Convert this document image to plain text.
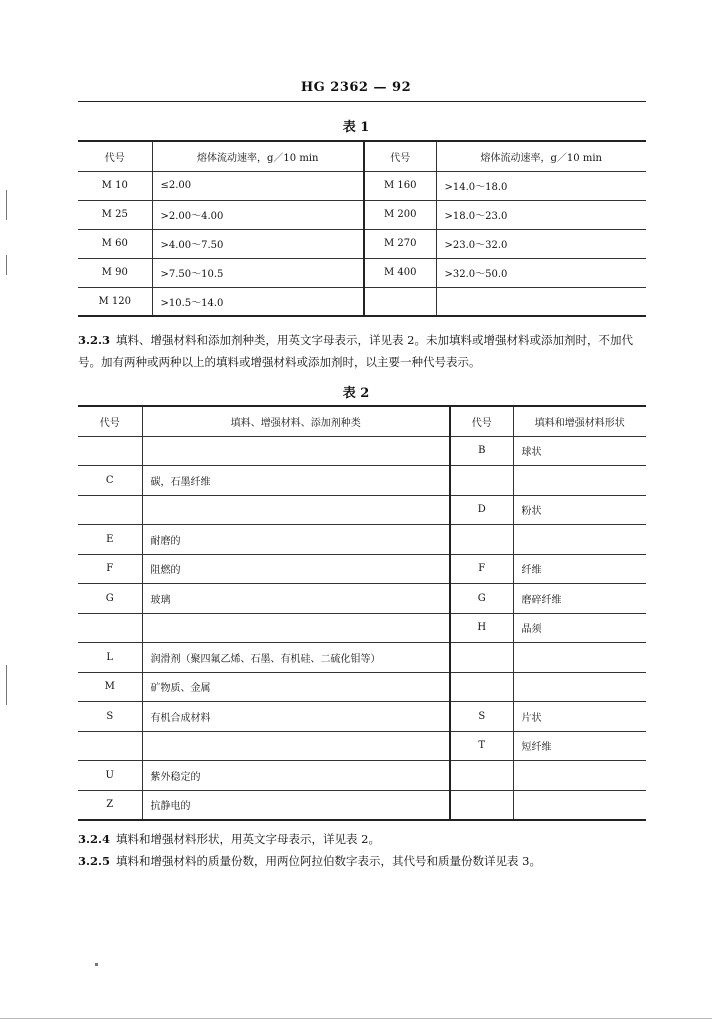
HG 2362 — 92
表 1
代号	熔体流动速率，g／10 min	代号	熔体流动速率，g／10 min
M 10	≤2.00	M 160	>14.0～18.0
M 25	>2.00～4.00	M 200	>18.0～23.0
M 60	>4.00～7.50	M 270	>23.0～32.0
M 90	>7.50～10.5	M 400	>32.0～50.0
M 120	>10.5～14.0		
3.2.3 填料、增强材料和添加剂种类，用英文字母表示，详见表 2。未加填料或增强材料或添加剂时，不加代号。加有两种或两种以上的填料或增强材料或添加剂时，以主要一种代号表示。
表 2
代号	填料、增强材料、添加剂种类	代号	填料和增强材料形状
		B	球状
C	碳，石墨纤维		
		D	粉状
E	耐磨的		
F	阻燃的	F	纤维
G	玻璃	G	磨碎纤维
		H	晶须
L	润滑剂（聚四氟乙烯、石墨、有机硅、二硫化钼等）		
M	矿物质、金属		
S	有机合成材料	S	片状
		T	短纤维
U	紫外稳定的		
Z	抗静电的		
3.2.4 填料和增强材料形状，用英文字母表示，详见表 2。
3.2.5 填料和增强材料的质量份数，用两位阿拉伯数字表示，其代号和质量份数详见表 3。
